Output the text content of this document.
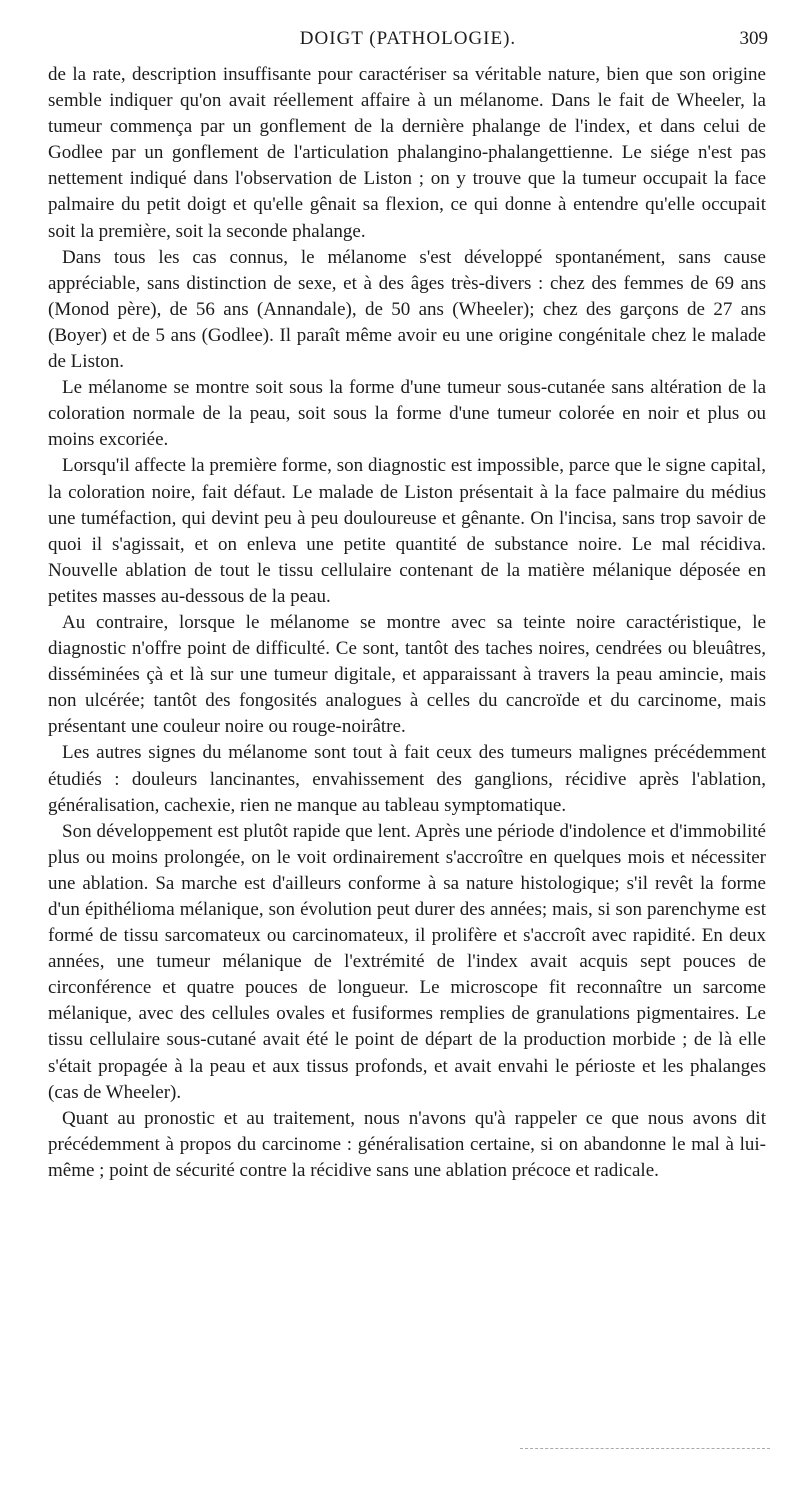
DOIGT (PATHOLOGIE).	309

de la rate, description insuffisante pour caractériser sa véritable nature, bien que son origine semble indiquer qu'on avait réellement affaire à un mélanome. Dans le fait de Wheeler, la tumeur commença par un gonflement de la dernière phalange de l'index, et dans celui de Godlee par un gonflement de l'articulation phalangino-phalangettienne. Le siége n'est pas nettement indiqué dans l'observation de Liston ; on y trouve que la tumeur occupait la face palmaire du petit doigt et qu'elle gênait sa flexion, ce qui donne à entendre qu'elle occupait soit la première, soit la seconde phalange.

Dans tous les cas connus, le mélanome s'est développé spontanément, sans cause appréciable, sans distinction de sexe, et à des âges très-divers : chez des femmes de 69 ans (Monod père), de 56 ans (Annandale), de 50 ans (Wheeler); chez des garçons de 27 ans (Boyer) et de 5 ans (Godlee). Il paraît même avoir eu une origine congénitale chez le malade de Liston.

Le mélanome se montre soit sous la forme d'une tumeur sous-cutanée sans altération de la coloration normale de la peau, soit sous la forme d'une tumeur colorée en noir et plus ou moins excoriée.

Lorsqu'il affecte la première forme, son diagnostic est impossible, parce que le signe capital, la coloration noire, fait défaut. Le malade de Liston présentait à la face palmaire du médius une tuméfaction, qui devint peu à peu douloureuse et gênante. On l'incisa, sans trop savoir de quoi il s'agissait, et on enleva une petite quantité de substance noire. Le mal récidiva. Nouvelle ablation de tout le tissu cellulaire contenant de la matière mélanique déposée en petites masses au-dessous de la peau.

Au contraire, lorsque le mélanome se montre avec sa teinte noire caractéristique, le diagnostic n'offre point de difficulté. Ce sont, tantôt des taches noires, cendrées ou bleuâtres, disséminées çà et là sur une tumeur digitale, et apparaissant à travers la peau amincie, mais non ulcérée; tantôt des fongosités analogues à celles du cancroïde et du carcinome, mais présentant une couleur noire ou rouge-noirâtre.

Les autres signes du mélanome sont tout à fait ceux des tumeurs malignes précédemment étudiés : douleurs lancinantes, envahissement des ganglions, récidive après l'ablation, généralisation, cachexie, rien ne manque au tableau symptomatique.

Son développement est plutôt rapide que lent. Après une période d'indolence et d'immobilité plus ou moins prolongée, on le voit ordinairement s'accroître en quelques mois et nécessiter une ablation. Sa marche est d'ailleurs conforme à sa nature histologique; s'il revêt la forme d'un épithélioma mélanique, son évolution peut durer des années; mais, si son parenchyme est formé de tissu sarcomateux ou carcinomateux, il prolifère et s'accroît avec rapidité. En deux années, une tumeur mélanique de l'extrémité de l'index avait acquis sept pouces de circonférence et quatre pouces de longueur. Le microscope fit reconnaître un sarcome mélanique, avec des cellules ovales et fusiformes remplies de granulations pigmentaires. Le tissu cellulaire sous-cutané avait été le point de départ de la production morbide ; de là elle s'était propagée à la peau et aux tissus profonds, et avait envahi le périoste et les phalanges (cas de Wheeler).

Quant au pronostic et au traitement, nous n'avons qu'à rappeler ce que nous avons dit précédemment à propos du carcinome : généralisation certaine, si on abandonne le mal à lui-même ; point de sécurité contre la récidive sans une ablation précoce et radicale.
